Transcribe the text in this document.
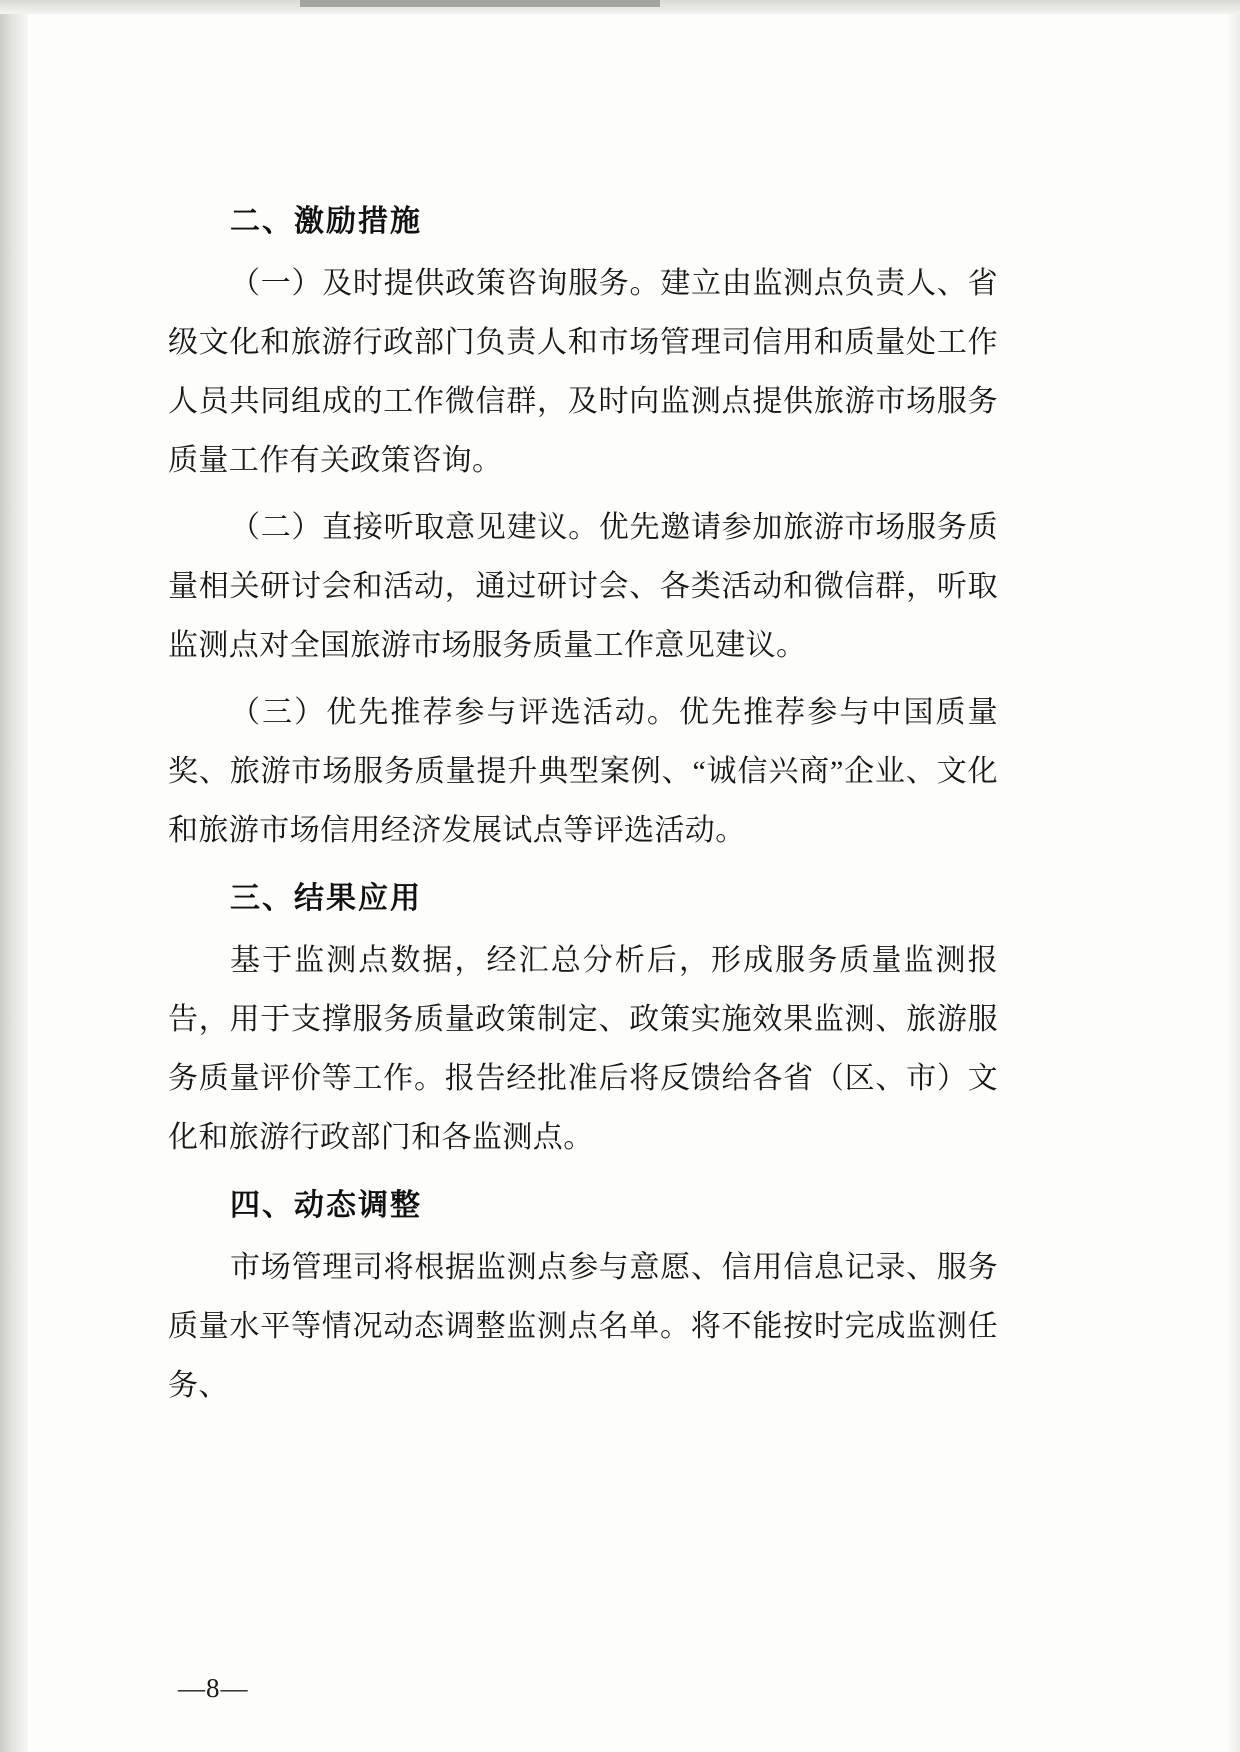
二、激励措施

（一）及时提供政策咨询服务。建立由监测点负责人、省级文化和旅游行政部门负责人和市场管理司信用和质量处工作人员共同组成的工作微信群，及时向监测点提供旅游市场服务质量工作有关政策咨询。

（二）直接听取意见建议。优先邀请参加旅游市场服务质量相关研讨会和活动，通过研讨会、各类活动和微信群，听取监测点对全国旅游市场服务质量工作意见建议。

（三）优先推荐参与评选活动。优先推荐参与中国质量奖、旅游市场服务质量提升典型案例、“诚信兴商”企业、文化和旅游市场信用经济发展试点等评选活动。

三、结果应用

基于监测点数据，经汇总分析后，形成服务质量监测报告，用于支撑服务质量政策制定、政策实施效果监测、旅游服务质量评价等工作。报告经批准后将反馈给各省（区、市）文化和旅游行政部门和各监测点。

四、动态调整

市场管理司将根据监测点参与意愿、信用信息记录、服务质量水平等情况动态调整监测点名单。将不能按时完成监测任务、

—8—
